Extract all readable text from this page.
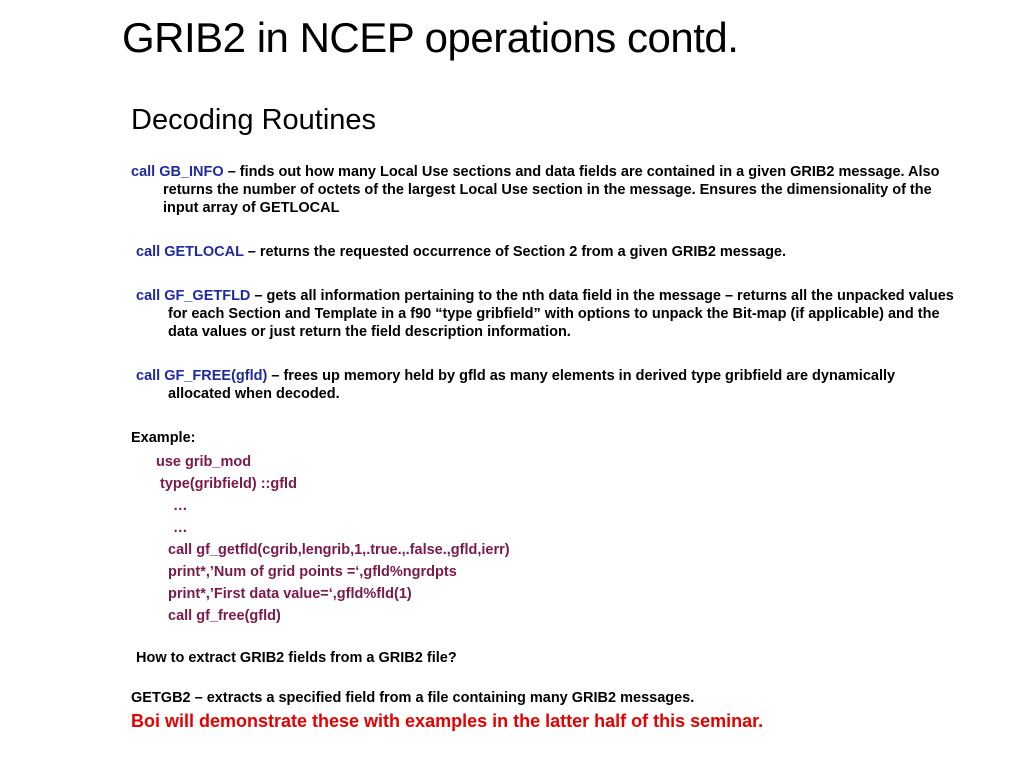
GRIB2 in NCEP operations contd.
Decoding Routines
call GB_INFO – finds out how many Local Use sections and data fields are contained in a given GRIB2 message. Also returns the number of octets of the largest Local Use section in the message. Ensures the dimensionality of the input array of GETLOCAL
call GETLOCAL – returns the requested occurrence of Section 2 from a given GRIB2 message.
call GF_GETFLD – gets all information pertaining to the nth data field in the message – returns all the unpacked values for each Section and Template in a f90 “type gribfield” with options to unpack the Bit-map (if applicable) and the data values or just return the field description information.
call GF_FREE(gfld) – frees up memory held by gfld as many elements in derived type gribfield are dynamically allocated when decoded.
Example:
use grib_mod
type(gribfield) ::gfld
…
…
call gf_getfld(cgrib,lengrib,1,.true.,.false.,gfld,ierr)
print*,’Num of grid points =‘,gfld%ngrdpts
print*,’First data value=‘,gfld%fld(1)
call gf_free(gfld)
How to extract GRIB2 fields from a GRIB2 file?
GETGB2 – extracts a specified field from a file containing many GRIB2 messages.
Boi will demonstrate these with examples in the latter half of this seminar.
